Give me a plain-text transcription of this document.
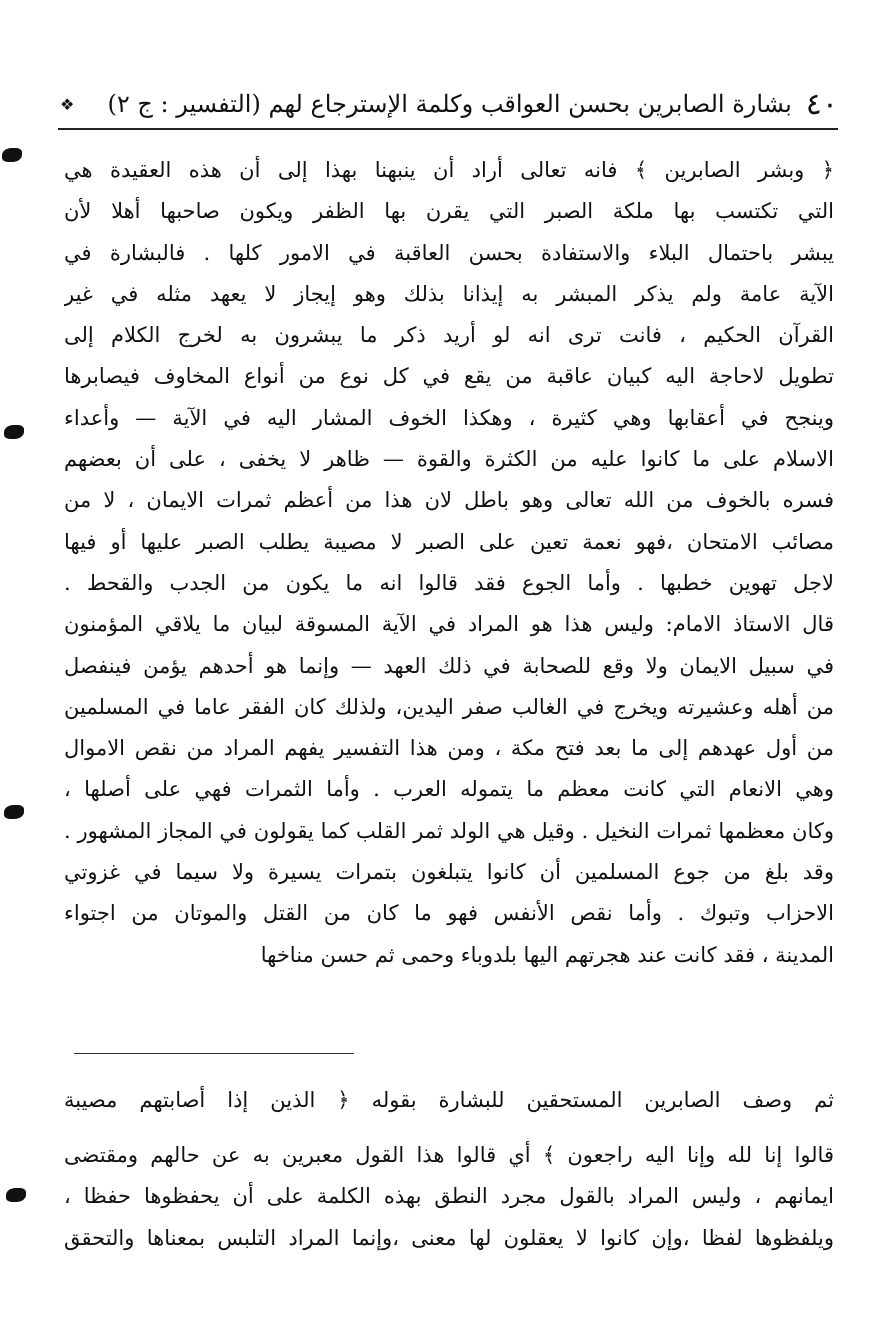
❖	٤٠
بشارة الصابرين بحسن العواقب وكلمة الإسترجاع لهم (التفسير : ج ٢)
﴿ وبشر الصابرين ﴾ فانه تعالى أراد أن ينبهنا بهذا إلى أن هذه العقيدة هي
التي تكتسب بها ملكة الصبر التي يقرن بها الظفر ويكون صاحبها أهلا لأن
يبشر باحتمال البلاء والاستفادة بحسن العاقبة في الامور كلها . فالبشارة في
الآية عامة ولم يذكر المبشر به إيذانا بذلك وهو إيجاز لا يعهد مثله في غير
القرآن الحكيم ، فانت ترى انه لو أريد ذكر ما يبشرون به لخرج الكلام إلى
تطويل لاحاجة اليه كبيان عاقبة من يقع في كل نوع من أنواع المخاوف فيصابرها
وينجح في أعقابها وهي كثيرة ، وهكذا الخوف المشار اليه في الآية — وأعداء
الاسلام على ما كانوا عليه من الكثرة والقوة — ظاهر لا يخفى ، على أن بعضهم
فسره بالخوف من الله تعالى وهو باطل لان هذا من أعظم ثمرات الايمان ، لا من
مصائب الامتحان ،فهو نعمة تعين على الصبر لا مصيبة يطلب الصبر عليها أو فيها
لاجل تهوين خطبها . وأما الجوع فقد قالوا انه ما يكون من الجدب والقحط .
قال الاستاذ الامام: وليس هذا هو المراد في الآية المسوقة لبيان ما يلاقي المؤمنون
في سبيل الايمان ولا وقع للصحابة في ذلك العهد — وإنما هو أحدهم يؤمن فينفصل
من أهله وعشيرته ويخرج في الغالب صفر اليدين، ولذلك كان الفقر عاما في المسلمين
من أول عهدهم إلى ما بعد فتح مكة ، ومن هذا التفسير يفهم المراد من نقص الاموال
وهي الانعام التي كانت معظم ما يتموله العرب . وأما الثمرات فهي على أصلها ،
وكان معظمها ثمرات النخيل . وقيل هي الولد ثمر القلب كما يقولون في المجاز المشهور .
وقد بلغ من جوع المسلمين أن كانوا يتبلغون بتمرات يسيرة ولا سيما في غزوتي
الاحزاب وتبوك . وأما نقص الأنفس فهو ما كان من القتل والموتان من اجتواء
المدينة ، فقد كانت عند هجرتهم اليها بلدوباء وحمى ثم حسن مناخها
ثم وصف الصابرين المستحقين للبشارة بقوله ﴿ الذين إذا أصابتهم مصيبة
قالوا إنا لله وإنا اليه راجعون ﴾ أي قالوا هذا القول معبرين به عن حالهم ومقتضى
ايمانهم ، وليس المراد بالقول مجرد النطق بهذه الكلمة على أن يحفظوها حفظا ،
ويلفظوها لفظا ،وإن كانوا لا يعقلون لها معنى ،وإنما المراد التلبس بمعناها والتحقق
